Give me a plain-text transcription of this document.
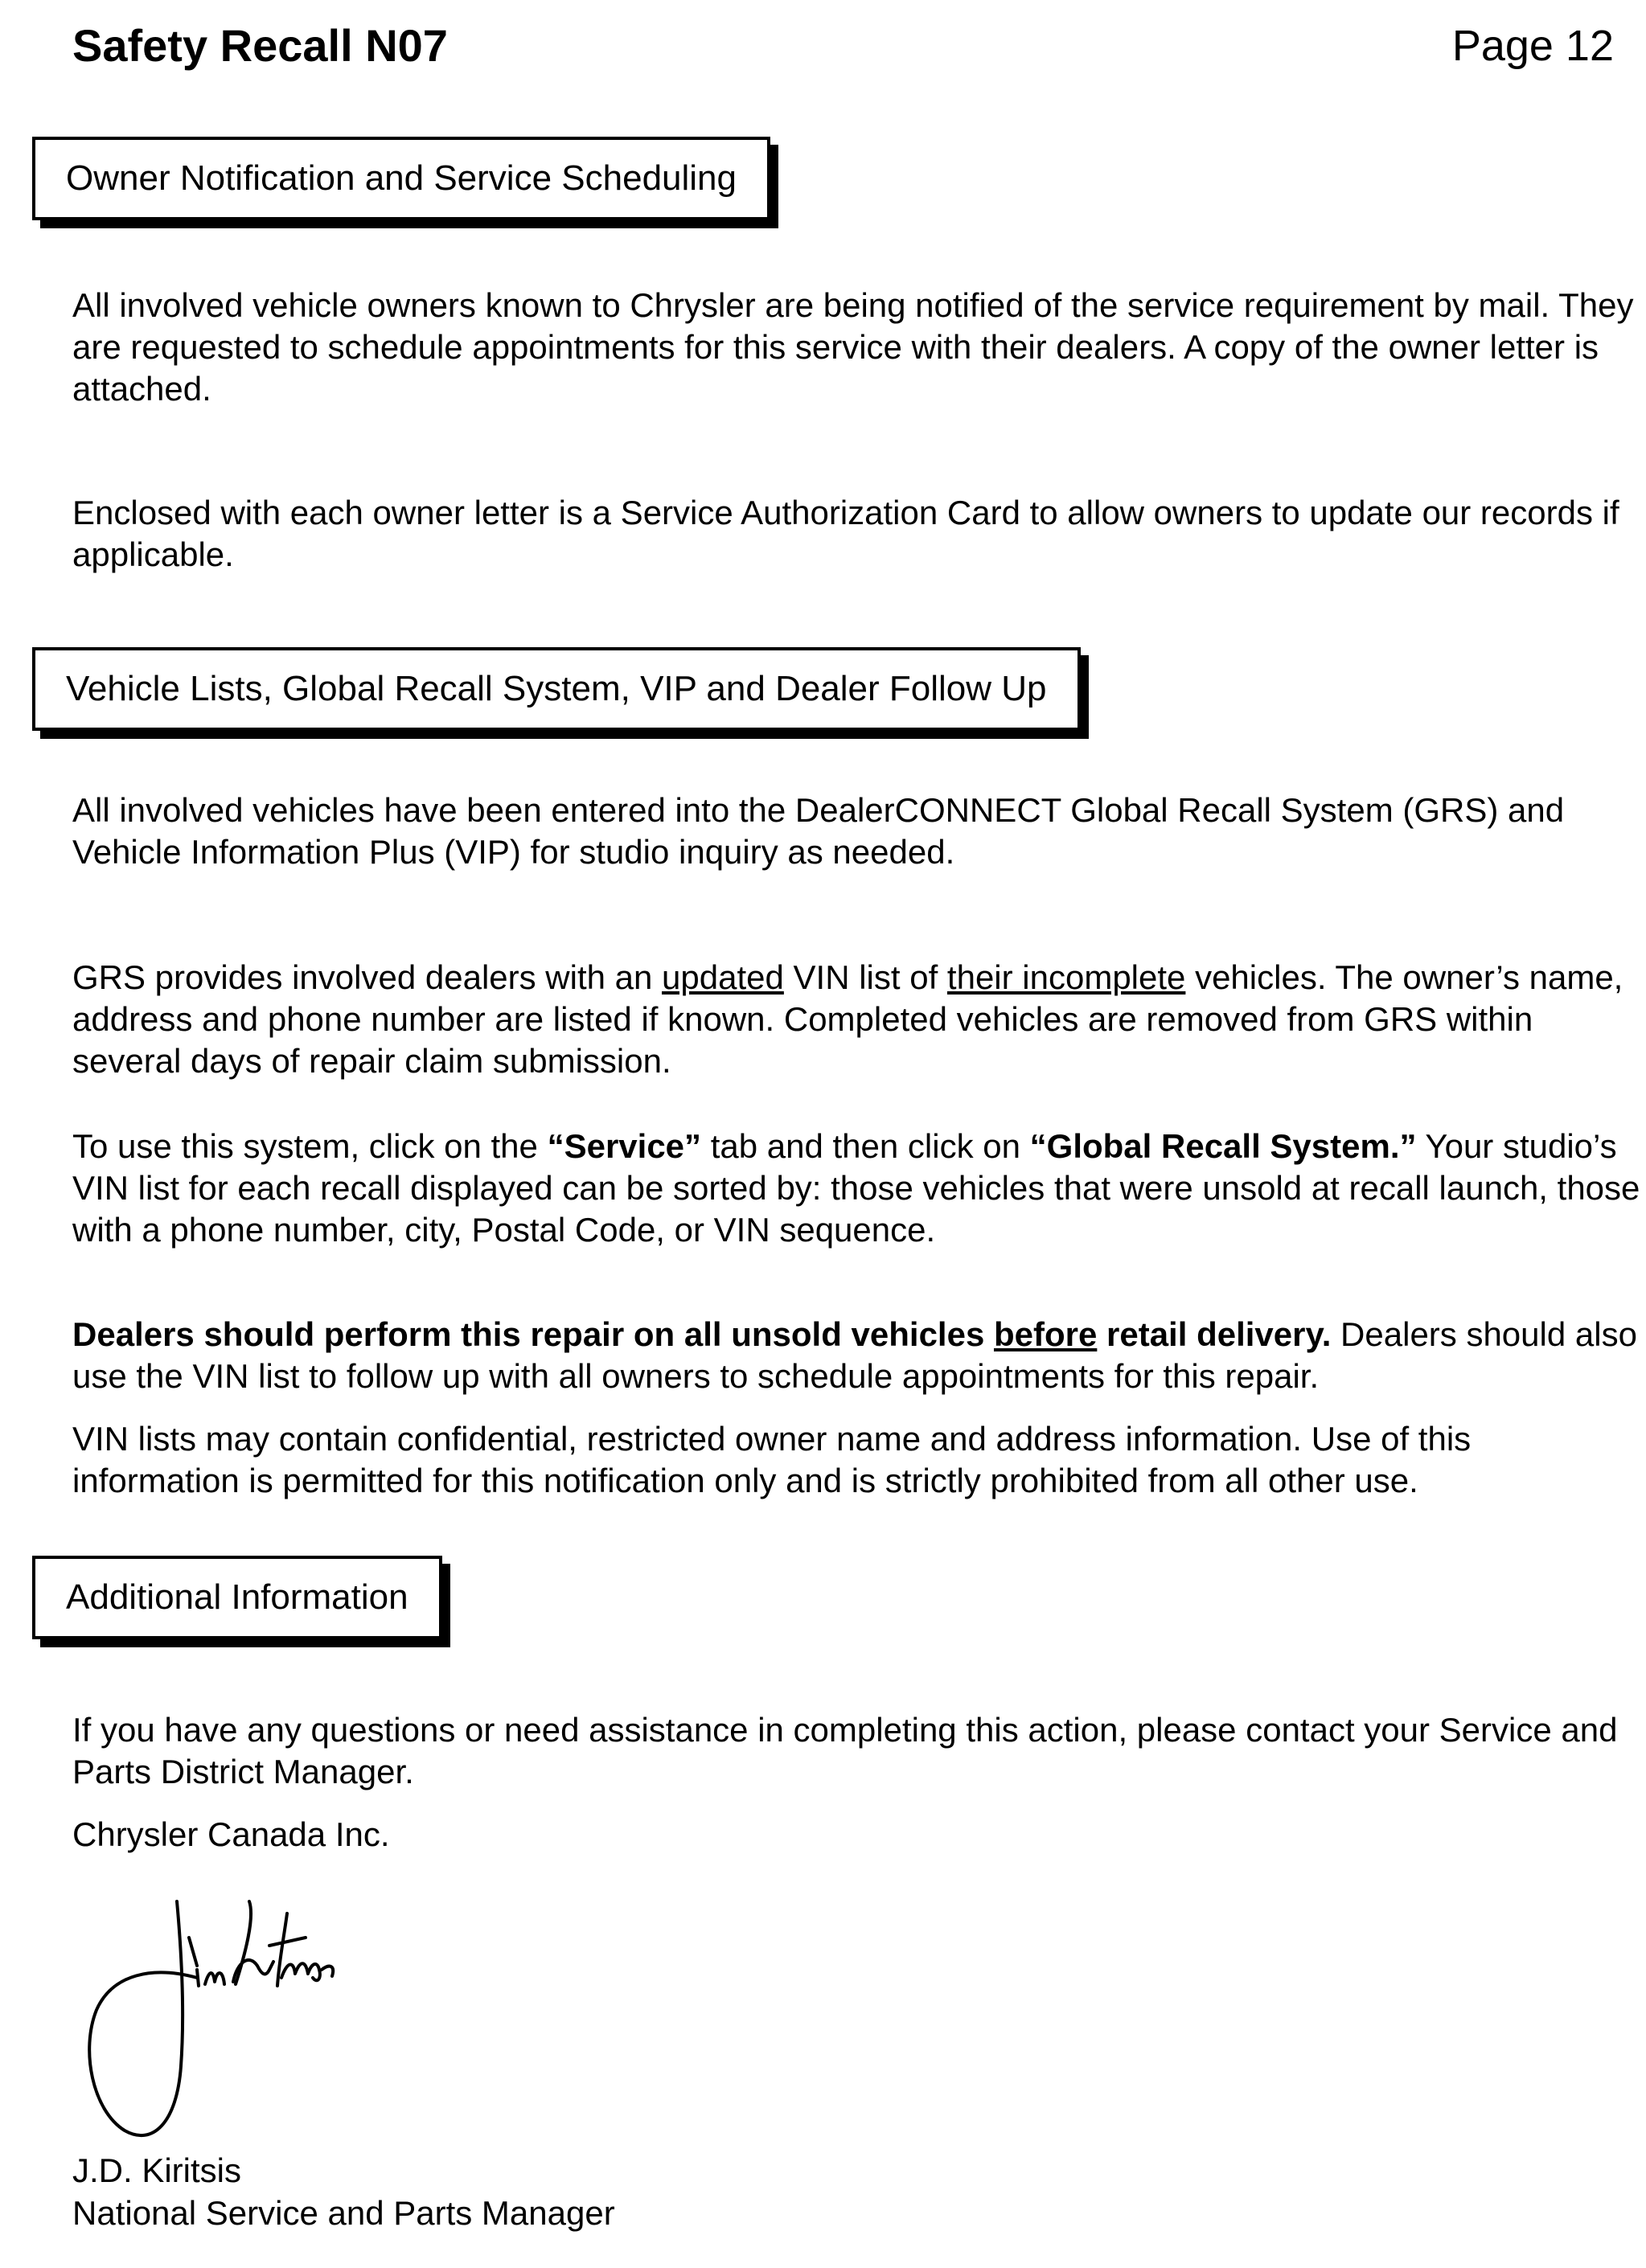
Safety Recall N07	Page 12
Owner Notification and Service Scheduling

All involved vehicle owners known to Chrysler are being notified of the service requirement by mail. They are requested to schedule appointments for this service with their dealers. A copy of the owner letter is attached.

Enclosed with each owner letter is a Service Authorization Card to allow owners to update our records if applicable.

Vehicle Lists, Global Recall System, VIP and Dealer Follow Up

All involved vehicles have been entered into the DealerCONNECT Global Recall System (GRS) and Vehicle Information Plus (VIP) for studio inquiry as needed.

GRS provides involved dealers with an updated VIN list of their incomplete vehicles. The owner’s name, address and phone number are listed if known. Completed vehicles are removed from GRS within several days of repair claim submission.

To use this system, click on the “Service” tab and then click on “Global Recall System.” Your studio’s VIN list for each recall displayed can be sorted by: those vehicles that were unsold at recall launch, those with a phone number, city, Postal Code, or VIN sequence.

Dealers should perform this repair on all unsold vehicles before retail delivery. Dealers should also use the VIN list to follow up with all owners to schedule appointments for this repair.

VIN lists may contain confidential, restricted owner name and address information. Use of this information is permitted for this notification only and is strictly prohibited from all other use.

Additional Information

If you have any questions or need assistance in completing this action, please contact your Service and Parts District Manager.

Chrysler Canada Inc.
Jim Kiritsis
J.D. Kiritsis
National Service and Parts Manager
